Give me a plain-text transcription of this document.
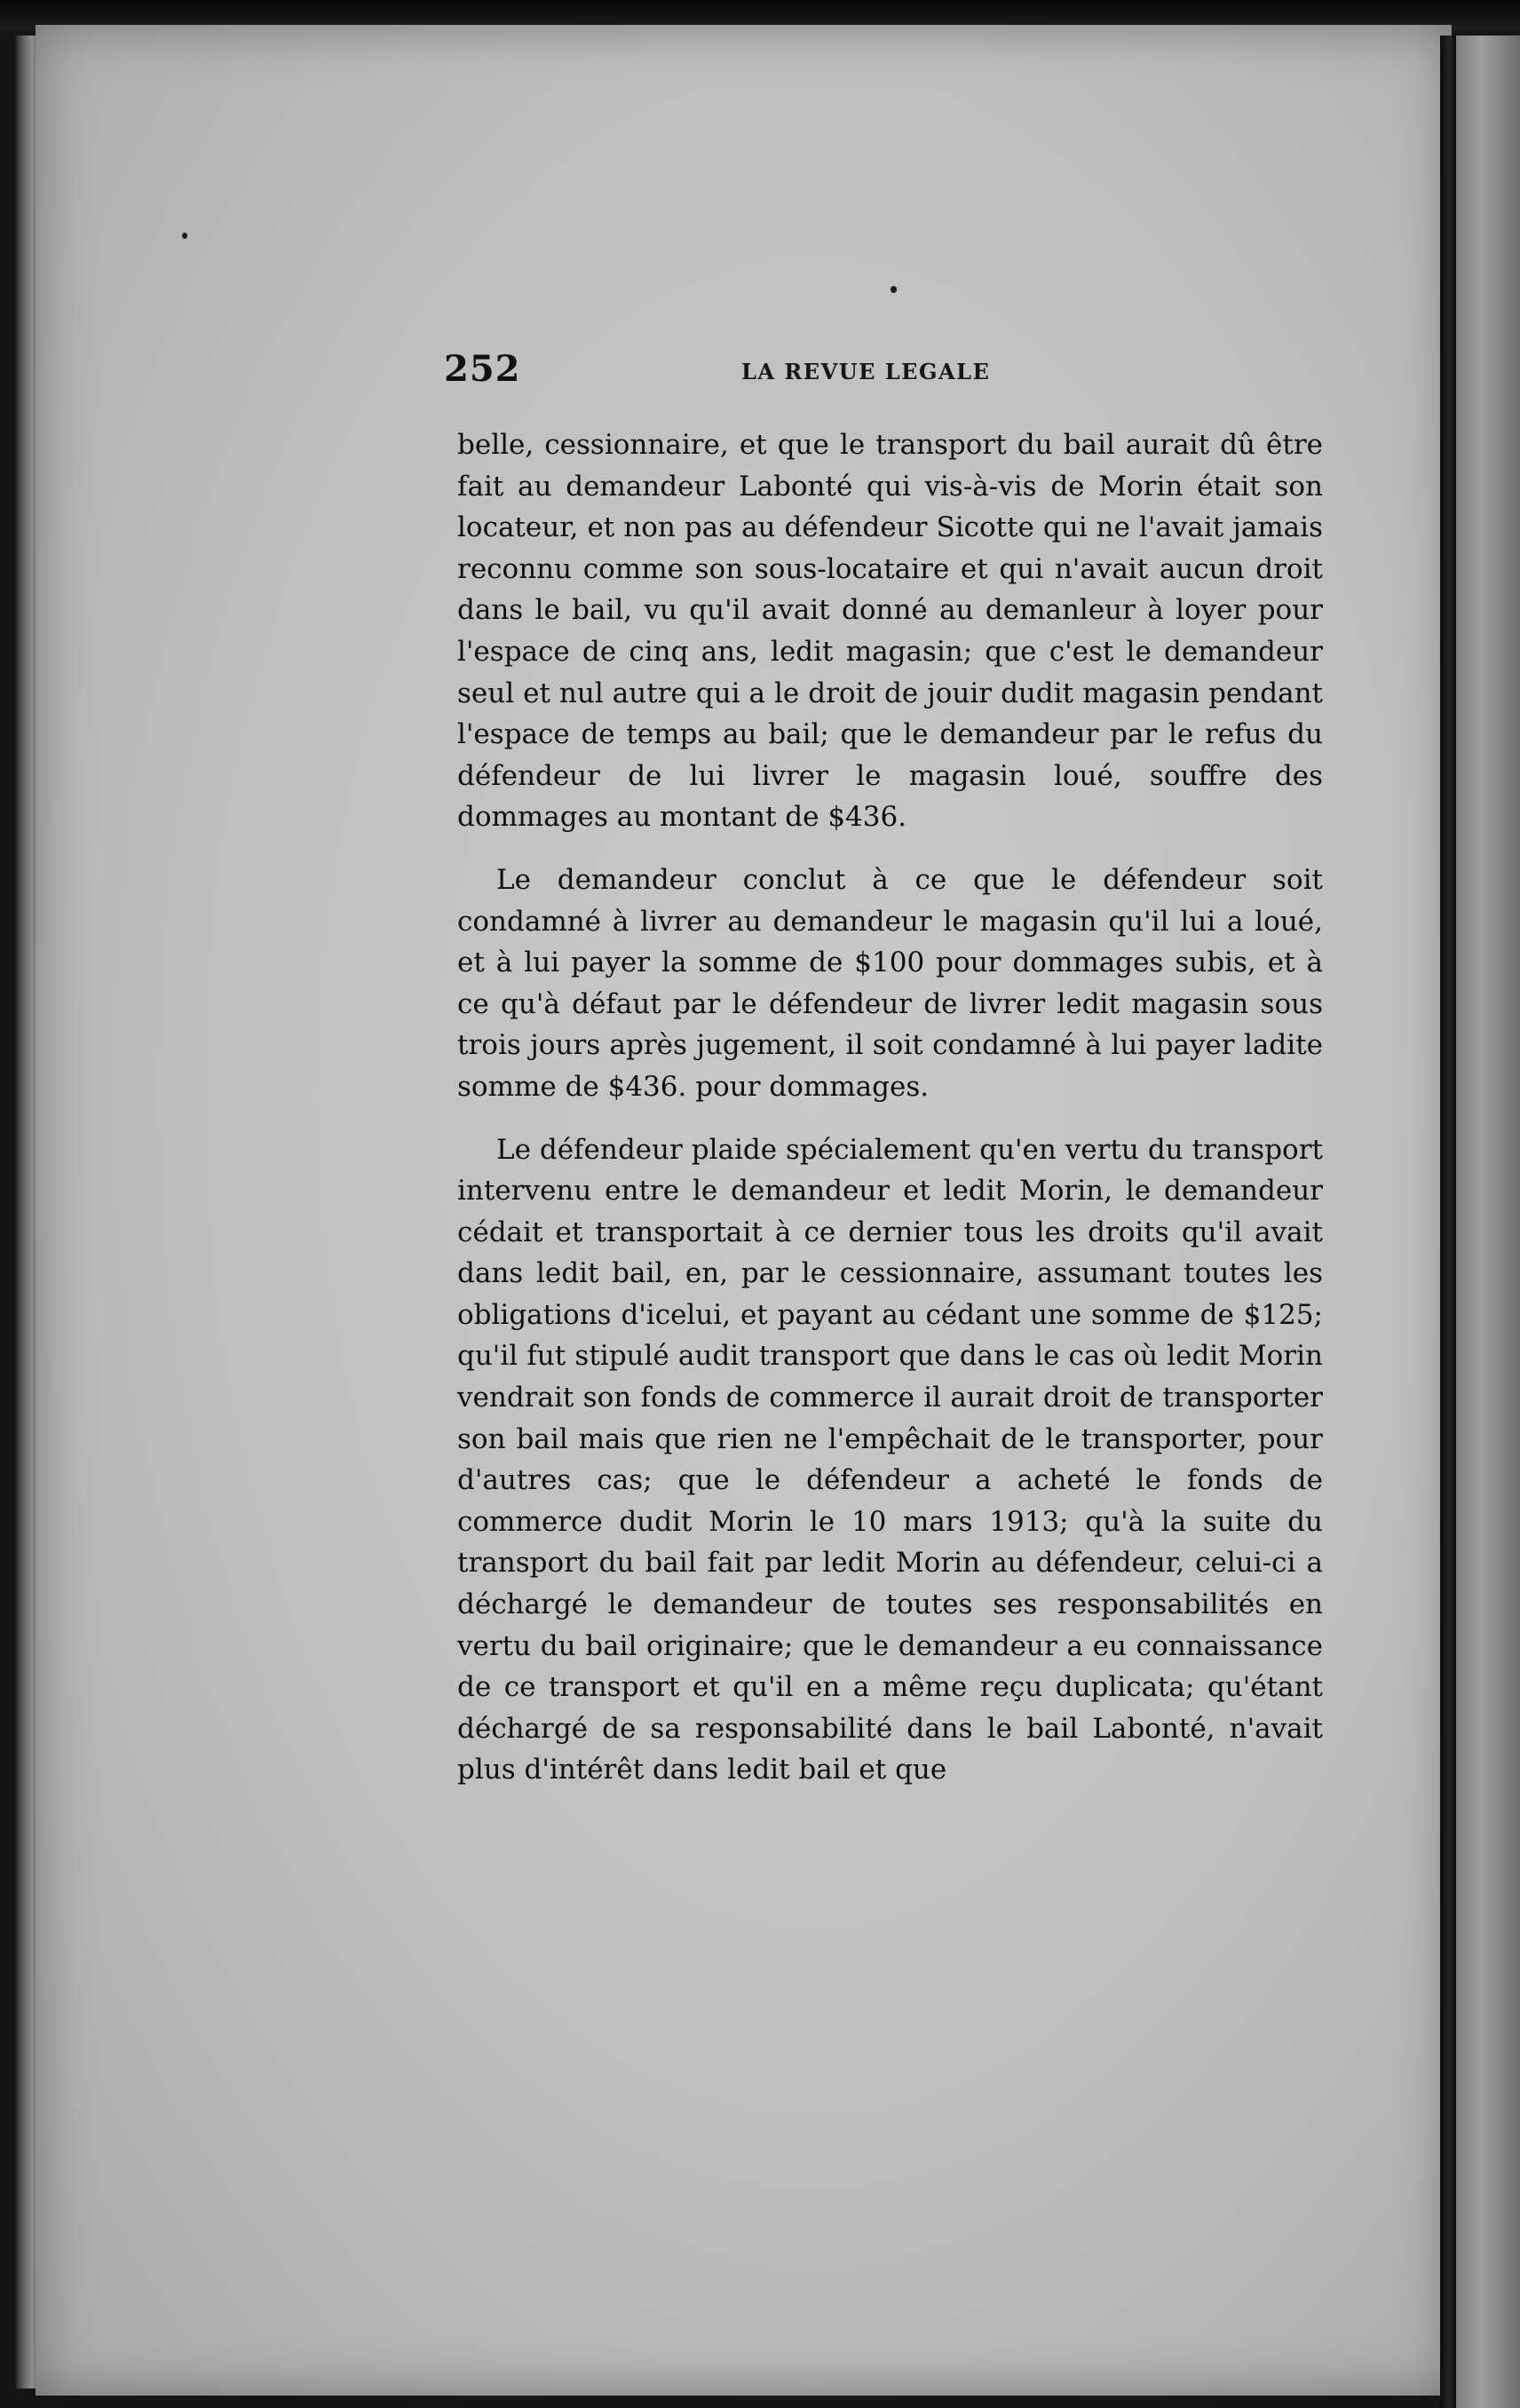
252	LA REVUE LEGALE

belle, cessionnaire, et que le transport du bail aurait dû être fait au demandeur Labonté qui vis-à-vis de Morin était son locateur, et non pas au défendeur Sicotte qui ne l'avait jamais reconnu comme son sous-locataire et qui n'avait aucun droit dans le bail, vu qu'il avait donné au demanleur à loyer pour l'espace de cinq ans, ledit magasin; que c'est le demandeur seul et nul autre qui a le droit de jouir dudit magasin pendant l'espace de temps au bail; que le demandeur par le refus du défendeur de lui livrer le magasin loué, souffre des dommages au montant de $436.

Le demandeur conclut à ce que le défendeur soit condamné à livrer au demandeur le magasin qu'il lui a loué, et à lui payer la somme de $100 pour dommages subis, et à ce qu'à défaut par le défendeur de livrer ledit magasin sous trois jours après jugement, il soit condamné à lui payer ladite somme de $436. pour dommages.

Le défendeur plaide spécialement qu'en vertu du transport intervenu entre le demandeur et ledit Morin, le demandeur cédait et transportait à ce dernier tous les droits qu'il avait dans ledit bail, en, par le cessionnaire, assumant toutes les obligations d'icelui, et payant au cédant une somme de $125; qu'il fut stipulé audit transport que dans le cas où ledit Morin vendrait son fonds de commerce il aurait droit de transporter son bail mais que rien ne l'empêchait de le transporter, pour d'autres cas; que le défendeur a acheté le fonds de commerce dudit Morin le 10 mars 1913; qu'à la suite du transport du bail fait par ledit Morin au défendeur, celui-ci a déchargé le demandeur de toutes ses responsabilités en vertu du bail originaire; que le demandeur a eu connaissance de ce transport et qu'il en a même reçu duplicata; qu'étant déchargé de sa responsabilité dans le bail Labonté, n'avait plus d'intérêt dans ledit bail et que
